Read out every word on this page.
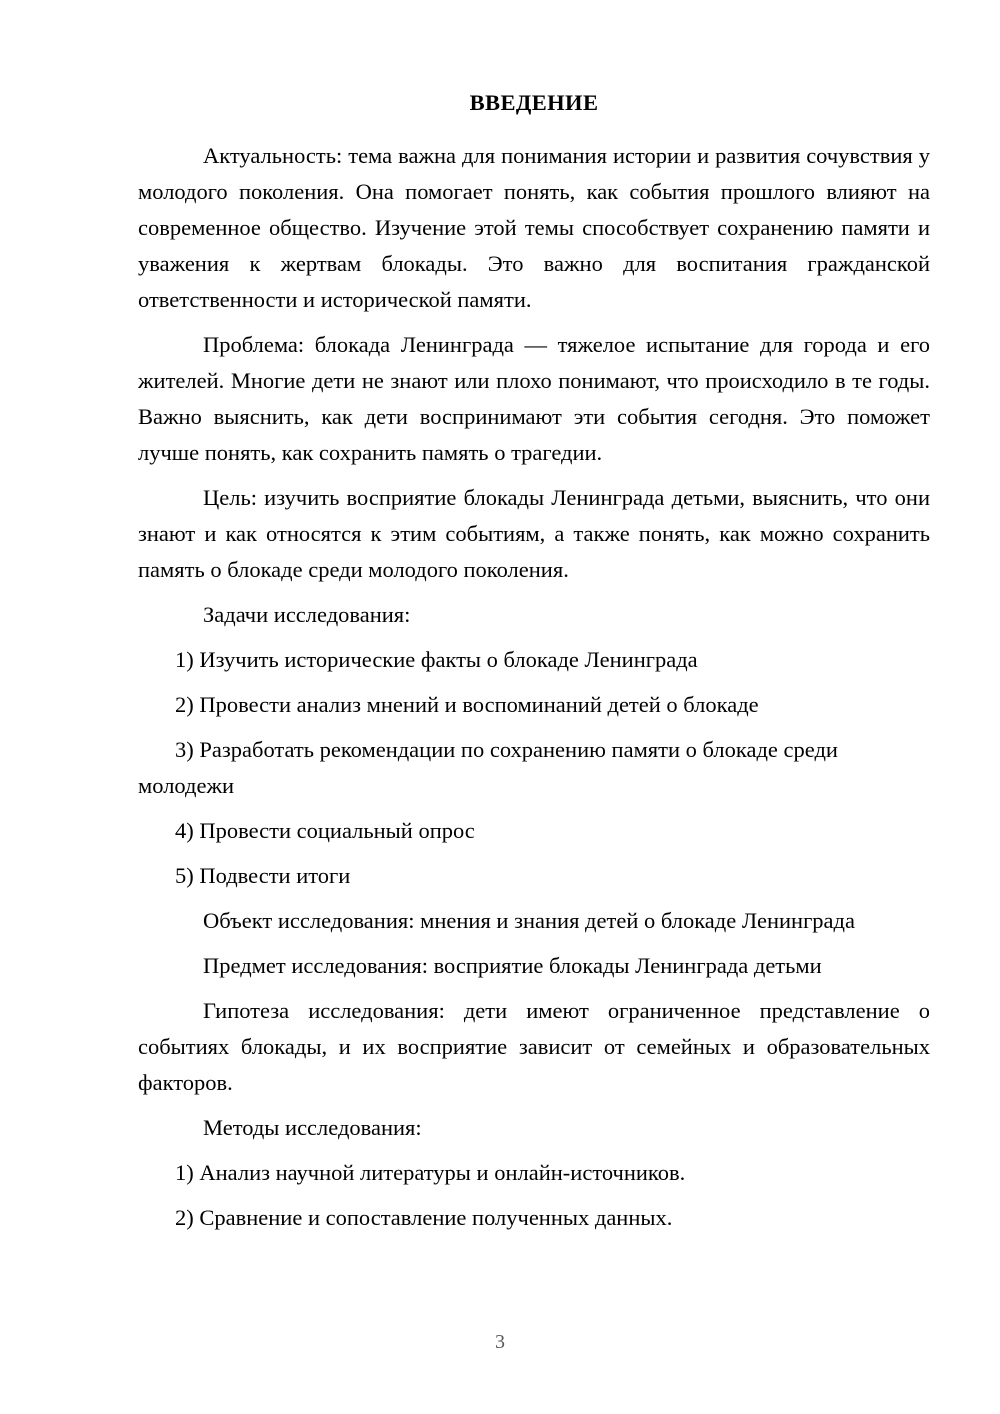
ВВЕДЕНИЕ

Актуальность: тема важна для понимания истории и развития сочувствия у молодого поколения. Она помогает понять, как события прошлого влияют на современное общество. Изучение этой темы способствует сохранению памяти и уважения к жертвам блокады. Это важно для воспитания гражданской ответственности и исторической памяти.

Проблема: блокада Ленинграда — тяжелое испытание для города и его жителей. Многие дети не знают или плохо понимают, что происходило в те годы. Важно выяснить, как дети воспринимают эти события сегодня. Это поможет лучше понять, как сохранить память о трагедии.

Цель: изучить восприятие блокады Ленинграда детьми, выяснить, что они знают и как относятся к этим событиям, а также понять, как можно сохранить память о блокаде среди молодого поколения.

Задачи исследования:

1) Изучить исторические факты о блокаде Ленинграда

2) Провести анализ мнений и воспоминаний детей о блокаде

3) Разработать рекомендации по сохранению памяти о блокаде среди молодежи

4) Провести социальный опрос

5) Подвести итоги

Объект исследования: мнения и знания детей о блокаде Ленинграда

Предмет исследования: восприятие блокады Ленинграда детьми

Гипотеза исследования: дети имеют ограниченное представление о событиях блокады, и их восприятие зависит от семейных и образовательных факторов.

Методы исследования:

1) Анализ научной литературы и онлайн-источников.

2) Сравнение и сопоставление полученных данных.

3
